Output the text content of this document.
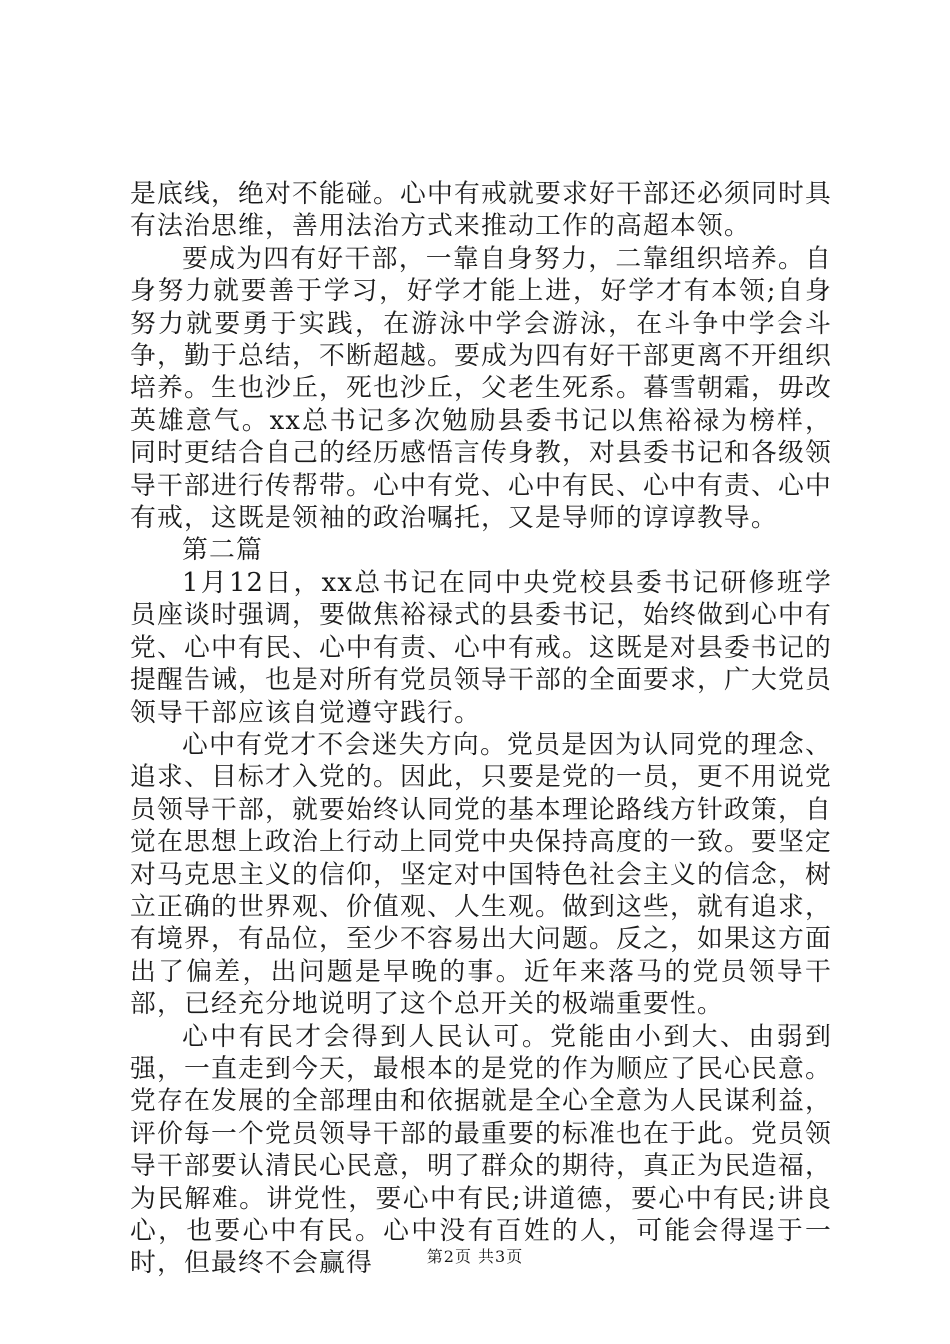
是底线，绝对不能碰。心中有戒就要求好干部还必须同时具有法治思维，善用法治方式来推动工作的高超本领。

要成为四有好干部，一靠自身努力，二靠组织培养。自身努力就要善于学习，好学才能上进，好学才有本领;自身努力就要勇于实践，在游泳中学会游泳，在斗争中学会斗争，勤于总结，不断超越。要成为四有好干部更离不开组织培养。生也沙丘，死也沙丘，父老生死系。暮雪朝霜，毋改英雄意气。xx总书记多次勉励县委书记以焦裕禄为榜样，同时更结合自己的经历感悟言传身教，对县委书记和各级领导干部进行传帮带。心中有党、心中有民、心中有责、心中有戒，这既是领袖的政治嘱托，又是导师的谆谆教导。

第二篇

1月12日，xx总书记在同中央党校县委书记研修班学员座谈时强调，要做焦裕禄式的县委书记，始终做到心中有党、心中有民、心中有责、心中有戒。这既是对县委书记的提醒告诫，也是对所有党员领导干部的全面要求，广大党员领导干部应该自觉遵守践行。

心中有党才不会迷失方向。党员是因为认同党的理念、追求、目标才入党的。因此，只要是党的一员，更不用说党员领导干部，就要始终认同党的基本理论路线方针政策，自觉在思想上政治上行动上同党中央保持高度的一致。要坚定对马克思主义的信仰，坚定对中国特色社会主义的信念，树立正确的世界观、价值观、人生观。做到这些，就有追求，有境界，有品位，至少不容易出大问题。反之，如果这方面出了偏差，出问题是早晚的事。近年来落马的党员领导干部，已经充分地说明了这个总开关的极端重要性。

心中有民才会得到人民认可。党能由小到大、由弱到强，一直走到今天，最根本的是党的作为顺应了民心民意。党存在发展的全部理由和依据就是全心全意为人民谋利益，评价每一个党员领导干部的最重要的标准也在于此。党员领导干部要认清民心民意，明了群众的期待，真正为民造福，为民解难。讲党性，要心中有民;讲道德，要心中有民;讲良心，也要心中有民。心中没有百姓的人，可能会得逞于一时，但最终不会赢得	第2页 共3页
